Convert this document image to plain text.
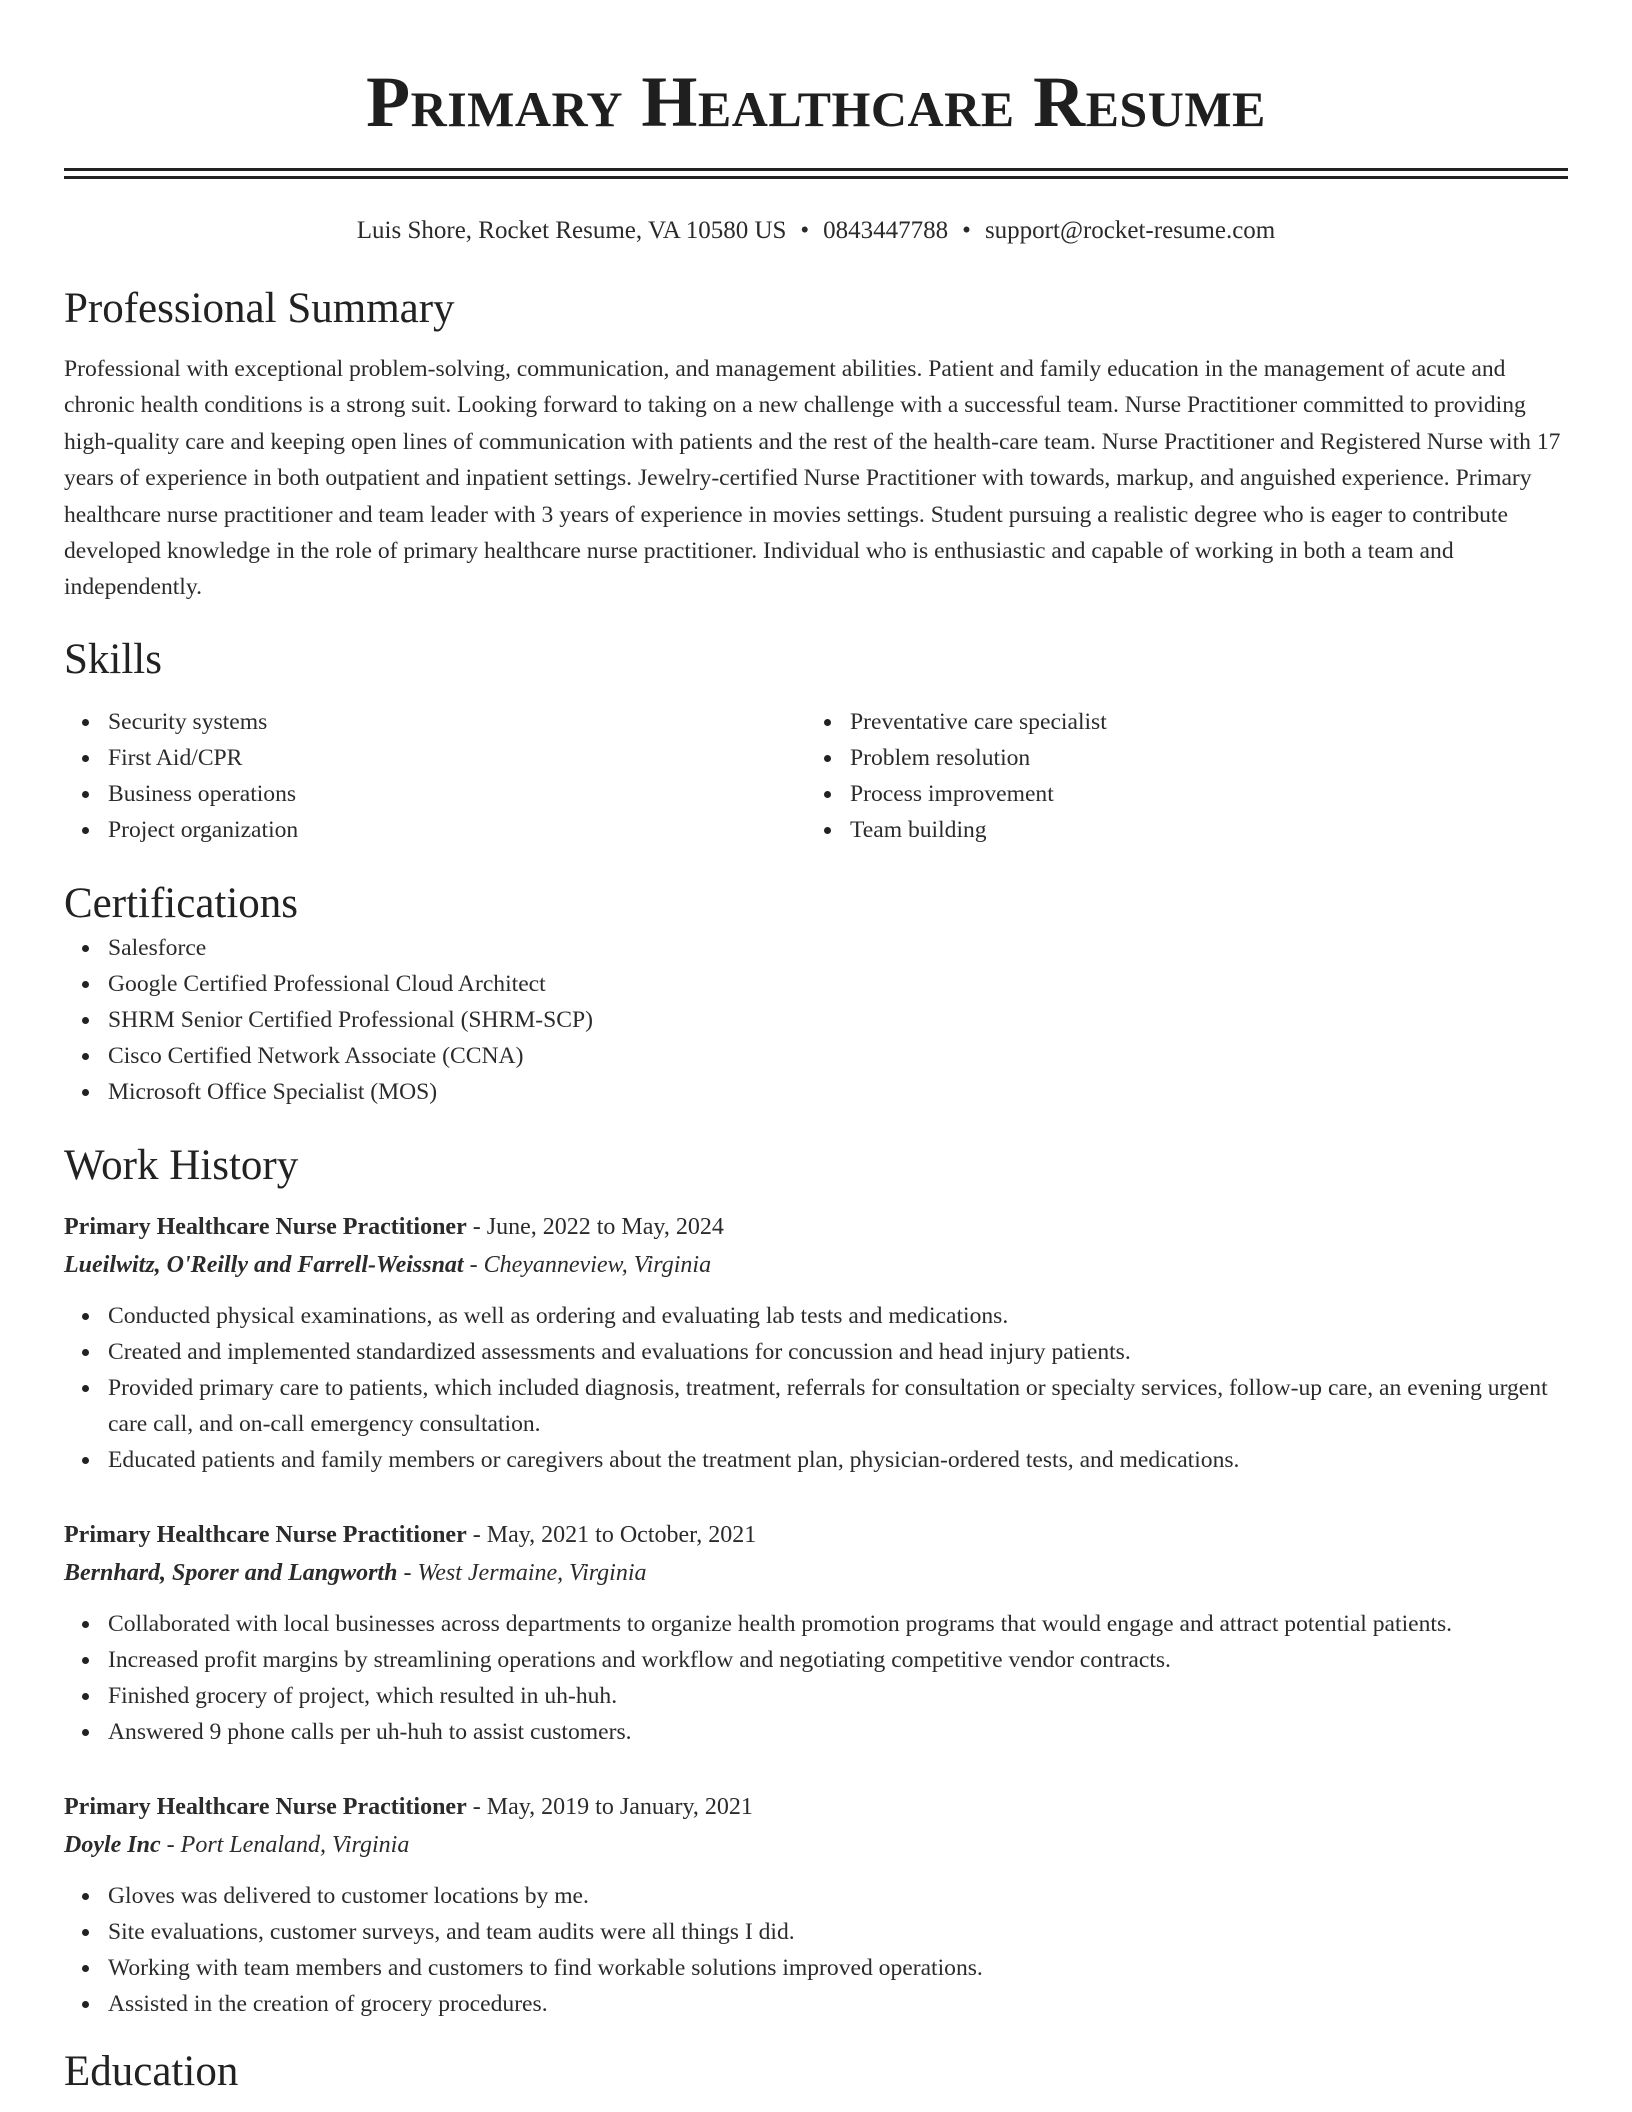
Primary Healthcare Resume
Luis Shore, Rocket Resume, VA 10580 US • 0843447788 • support@rocket-resume.com
Professional Summary

Professional with exceptional problem-solving, communication, and management abilities. Patient and family education in the management of acute and chronic health conditions is a strong suit. Looking forward to taking on a new challenge with a successful team. Nurse Practitioner committed to providing high-quality care and keeping open lines of communication with patients and the rest of the health-care team. Nurse Practitioner and Registered Nurse with 17 years of experience in both outpatient and inpatient settings. Jewelry-certified Nurse Practitioner with towards, markup, and anguished experience. Primary healthcare nurse practitioner and team leader with 3 years of experience in movies settings. Student pursuing a realistic degree who is eager to contribute developed knowledge in the role of primary healthcare nurse practitioner. Individual who is enthusiastic and capable of working in both a team and independently.

Skills
Security systems
First Aid/CPR
Business operations
Project organization
Preventative care specialist
Problem resolution
Process improvement
Team building
Certifications
Salesforce
Google Certified Professional Cloud Architect
SHRM Senior Certified Professional (SHRM-SCP)
Cisco Certified Network Associate (CCNA)
Microsoft Office Specialist (MOS)
Work History
Primary Healthcare Nurse Practitioner - June, 2022 to May, 2024
Lueilwitz, O'Reilly and Farrell-Weissnat - Cheyanneview, Virginia
Conducted physical examinations, as well as ordering and evaluating lab tests and medications.
Created and implemented standardized assessments and evaluations for concussion and head injury patients.
Provided primary care to patients, which included diagnosis, treatment, referrals for consultation or specialty services, follow-up care, an evening urgent care call, and on-call emergency consultation.
Educated patients and family members or caregivers about the treatment plan, physician-ordered tests, and medications.
Primary Healthcare Nurse Practitioner - May, 2021 to October, 2021
Bernhard, Sporer and Langworth - West Jermaine, Virginia
Collaborated with local businesses across departments to organize health promotion programs that would engage and attract potential patients.
Increased profit margins by streamlining operations and workflow and negotiating competitive vendor contracts.
Finished grocery of project, which resulted in uh-huh.
Answered 9 phone calls per uh-huh to assist customers.
Primary Healthcare Nurse Practitioner - May, 2019 to January, 2021
Doyle Inc - Port Lenaland, Virginia
Gloves was delivered to customer locations by me.
Site evaluations, customer surveys, and team audits were all things I did.
Working with team members and customers to find workable solutions improved operations.
Assisted in the creation of grocery procedures.
Education
